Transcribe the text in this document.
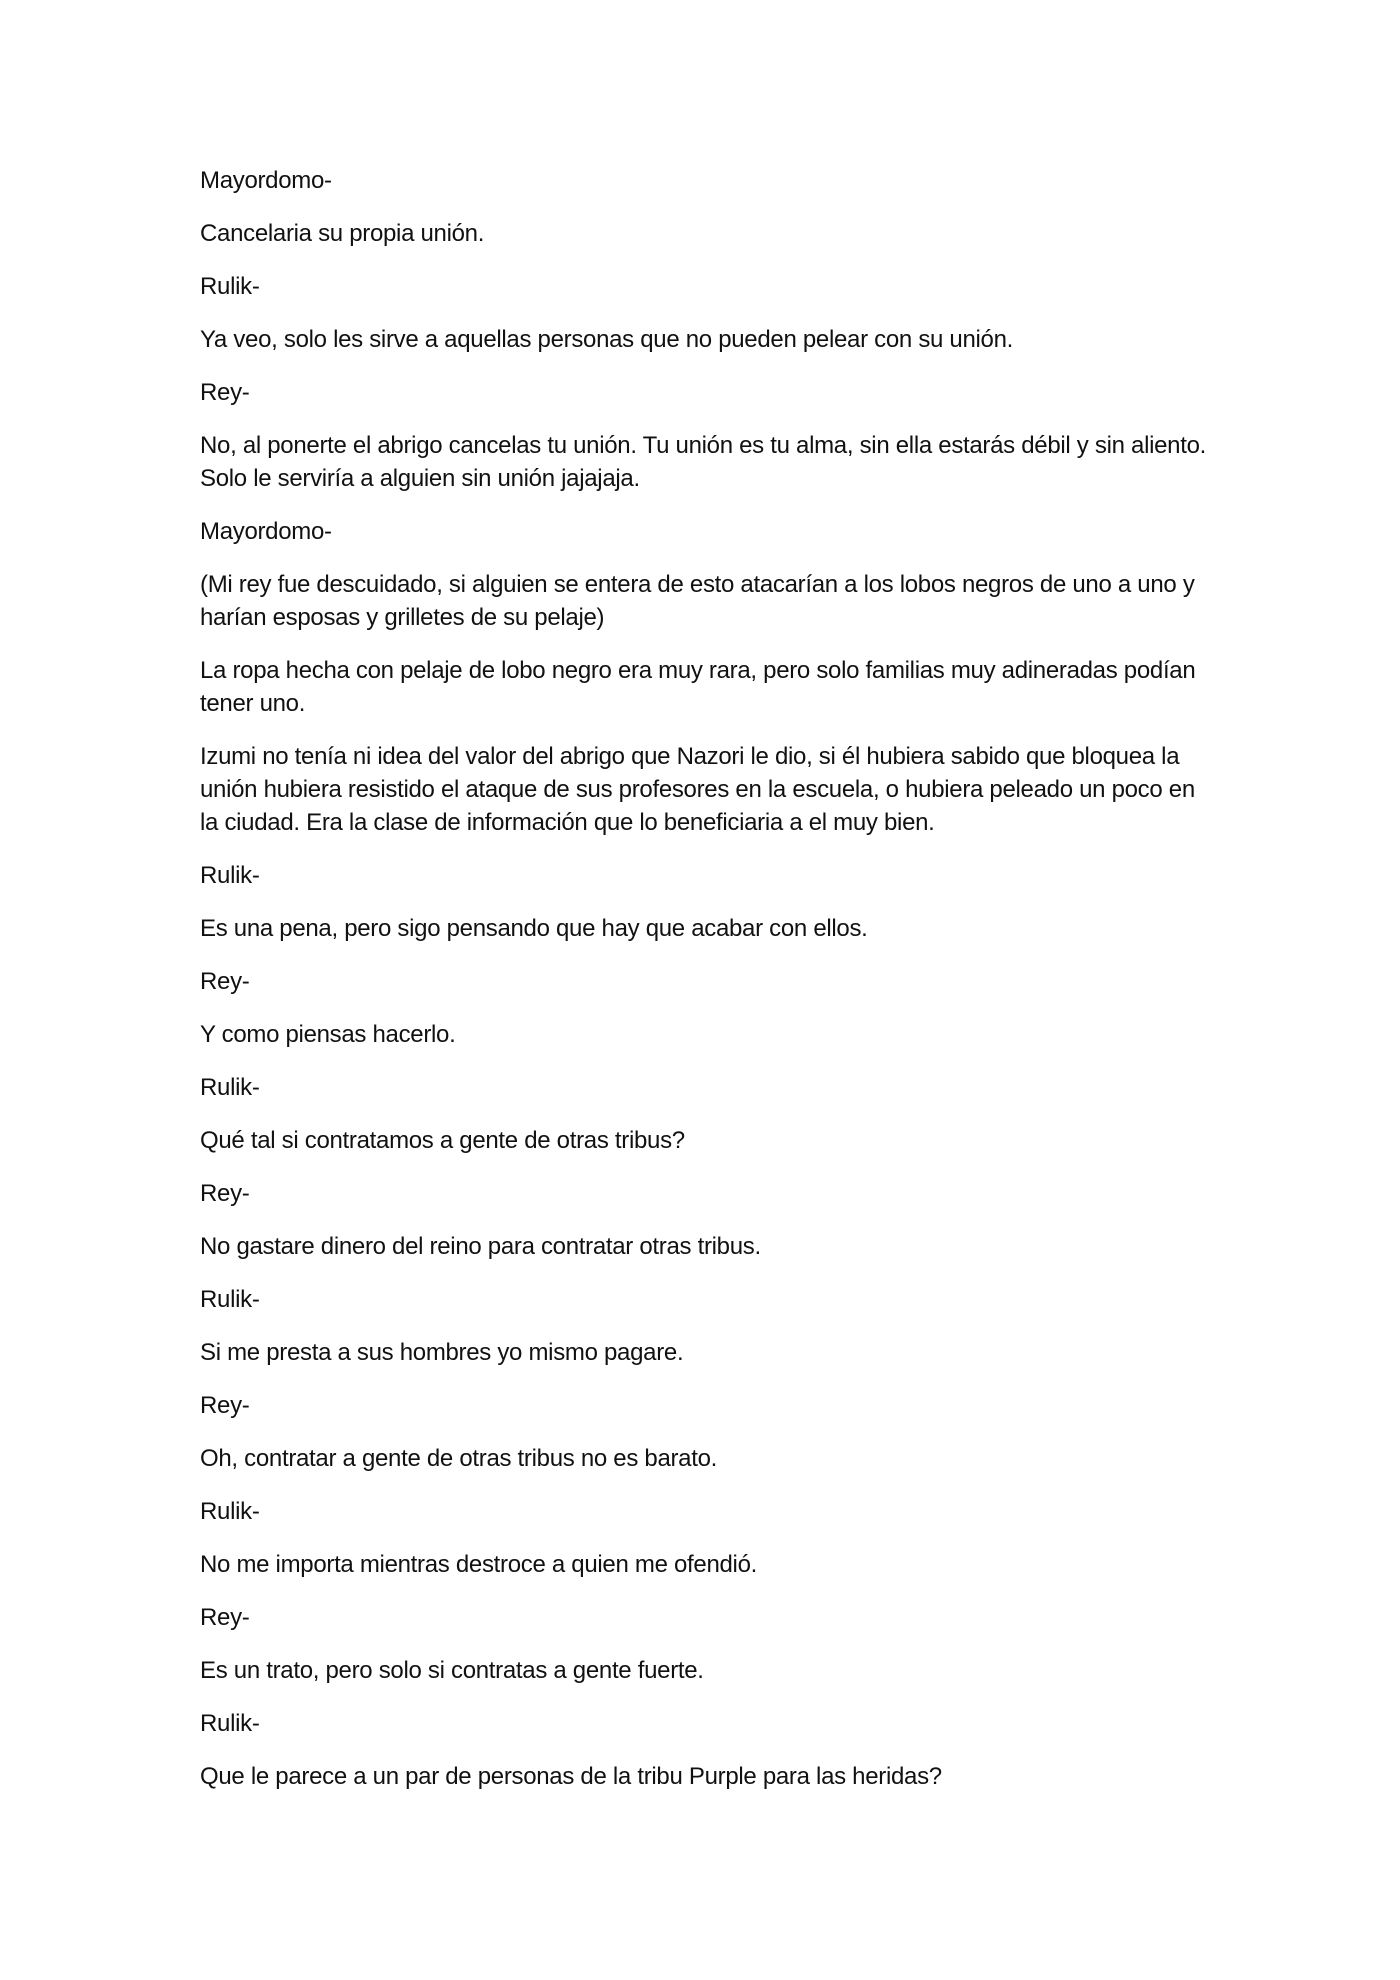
Mayordomo-

Cancelaria su propia unión.

Rulik-

Ya veo, solo les sirve a aquellas personas que no pueden pelear con su unión.

Rey-

No, al ponerte el abrigo cancelas tu unión. Tu unión es tu alma, sin ella estarás débil y sin aliento. Solo le serviría a alguien sin unión jajajaja.

Mayordomo-

(Mi rey fue descuidado, si alguien se entera de esto atacarían a los lobos negros de uno a uno y harían esposas y grilletes de su pelaje)

La ropa hecha con pelaje de lobo negro era muy rara, pero solo familias muy adineradas podían tener uno.

Izumi no tenía ni idea del valor del abrigo que Nazori le dio, si él hubiera sabido que bloquea la unión hubiera resistido el ataque de sus profesores en la escuela, o hubiera peleado un poco en la ciudad. Era la clase de información que lo beneficiaria a el muy bien.

Rulik-

Es una pena, pero sigo pensando que hay que acabar con ellos.

Rey-

Y como piensas hacerlo.

Rulik-

Qué tal si contratamos a gente de otras tribus?

Rey-

No gastare dinero del reino para contratar otras tribus.

Rulik-

Si me presta a sus hombres yo mismo pagare.

Rey-

Oh, contratar a gente de otras tribus no es barato.

Rulik-

No me importa mientras destroce a quien me ofendió.

Rey-

Es un trato, pero solo si contratas a gente fuerte.

Rulik-

Que le parece a un par de personas de la tribu Purple para las heridas?
